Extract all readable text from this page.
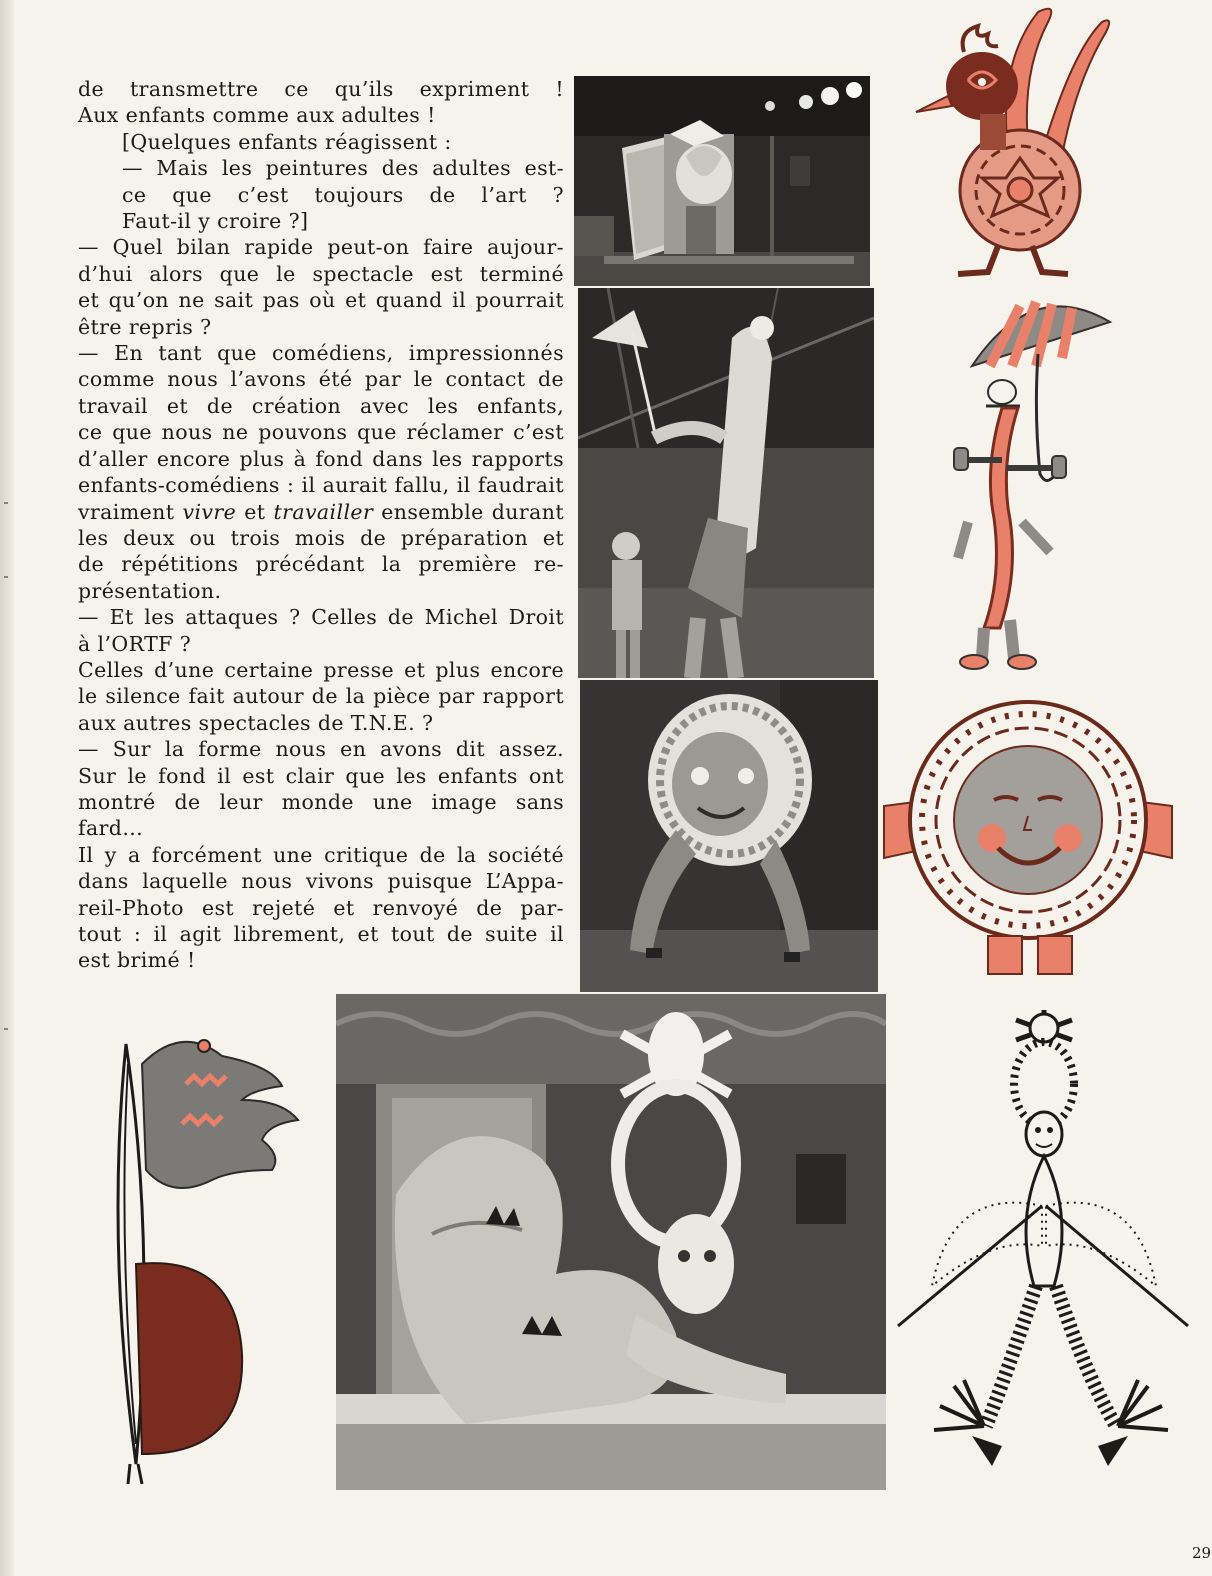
de transmettre ce qu’ils expriment !
Aux enfants comme aux adultes !
[Quelques enfants réagissent :
— Mais les peintures des adultes est-
ce que c’est toujours de l’art ?
Faut-il y croire ?]
— Quel bilan rapide peut-on faire aujour-
d’hui alors que le spectacle est terminé
et qu’on ne sait pas où et quand il pourrait
être repris ?
— En tant que comédiens, impressionnés
comme nous l’avons été par le contact de
travail et de création avec les enfants,
ce que nous ne pouvons que réclamer c’est
d’aller encore plus à fond dans les rapports
enfants-comédiens : il aurait fallu, il faudrait
vraiment vivre et travailler ensemble durant
les deux ou trois mois de préparation et
de répétitions précédant la première re-
présentation.
— Et les attaques ? Celles de Michel Droit
à l’ORTF ?
Celles d’une certaine presse et plus encore
le silence fait autour de la pièce par rapport
aux autres spectacles de T.N.E. ?
— Sur la forme nous en avons dit assez.
Sur le fond il est clair que les enfants ont
montré de leur monde une image sans
fard...
Il y a forcément une critique de la société
dans laquelle nous vivons puisque L’Appa-
reil-Photo est rejeté et renvoyé de par-
tout : il agit librement, et tout de suite il
est brimé !
29
